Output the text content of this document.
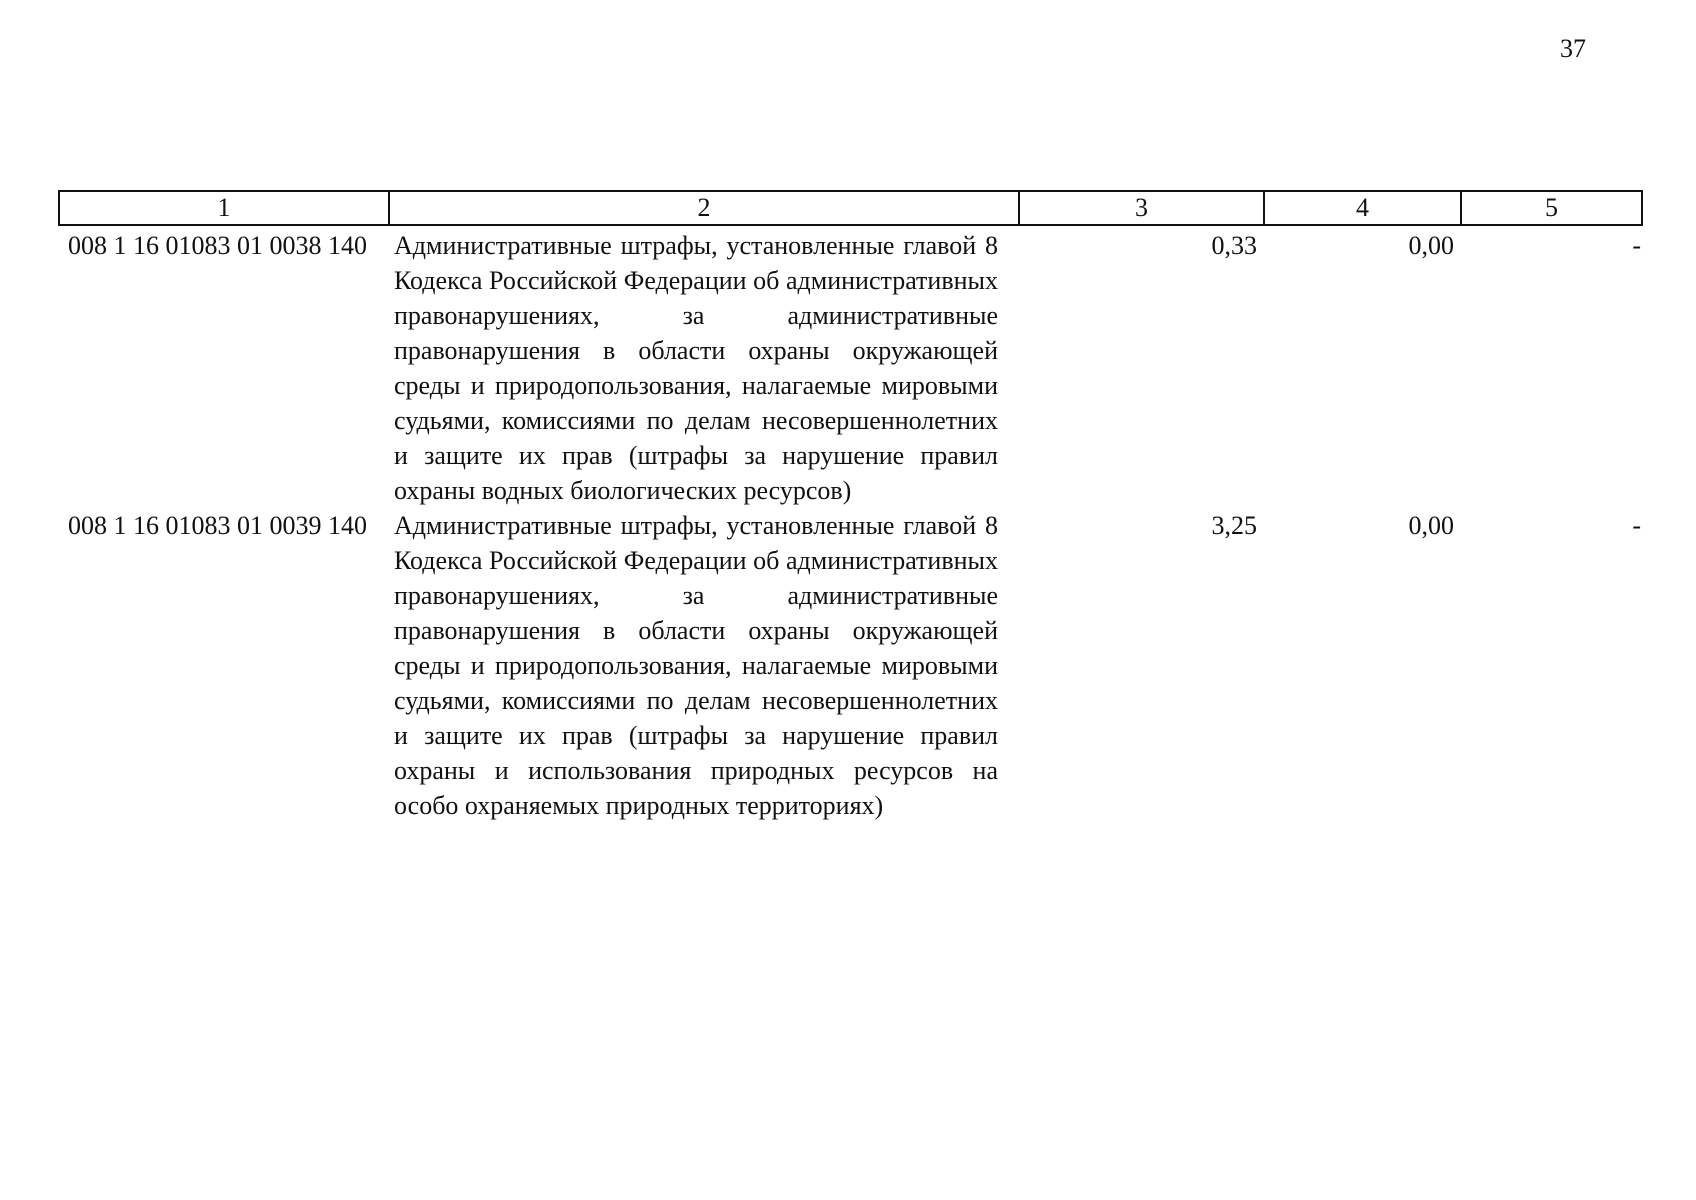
37
1	2	3	4	5
008 1 16 01083 01 0038 140	Административные штрафы, установленные главой 8 Кодекса Российской Федерации об административных правонарушениях, за административные правонарушения в области охраны окружающей среды и природопользования, налагаемые мировыми судьями, комиссиями по делам несовершеннолетних и защите их прав (штрафы за нарушение правил охраны водных биологических ресурсов)	0,33	0,00	-
008 1 16 01083 01 0039 140	Административные штрафы, установленные главой 8 Кодекса Российской Федерации об административных правонарушениях, за административные правонарушения в области охраны окружающей среды и природопользования, налагаемые мировыми судьями, комиссиями по делам несовершеннолетних и защите их прав (штрафы за нарушение правил охраны и использования природных ресурсов на особо охраняемых природных территориях)	3,25	0,00	-
